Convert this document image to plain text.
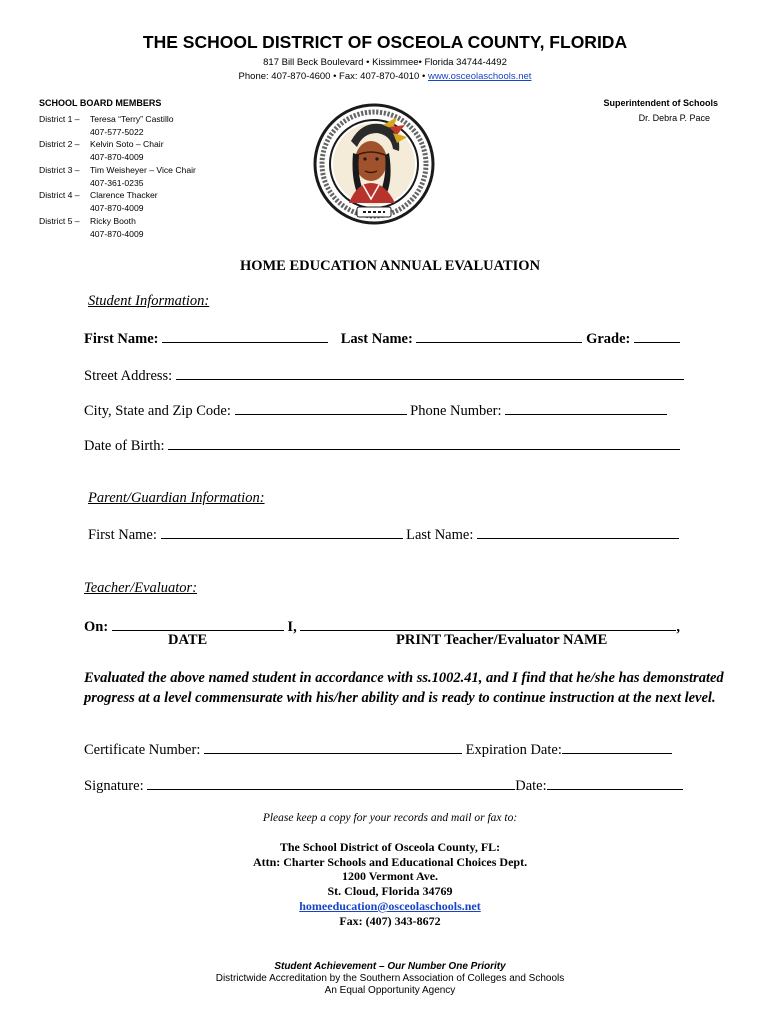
THE SCHOOL DISTRICT OF OSCEOLA COUNTY, FLORIDA
817 Bill Beck Boulevard • Kissimmee• Florida 34744-4492
Phone: 407-870-4600 • Fax: 407-870-4010 • www.osceolaschools.net
SCHOOL BOARD MEMBERS
District 1 – Teresa “Terry” Castillo
407-577-5022
District 2 – Kelvin Soto – Chair
407-870-4009
District 3 – Tim Weisheyer – Vice Chair
407-361-0235
District 4 – Clarence Thacker
407-870-4009
District 5 – Ricky Booth
407-870-4009
Superintendent of Schools
Dr. Debra P. Pace
HOME EDUCATION ANNUAL EVALUATION
Student Information:
First Name:	Last Name:	Grade:
Street Address:
City, State and Zip Code:	Phone Number:
Date of Birth:
Parent/Guardian Information:
First Name:	Last Name:
Teacher/Evaluator:
On:	I,	,
DATE	PRINT Teacher/Evaluator NAME
Evaluated the above named student in accordance with ss.1002.41, and I find that he/she has demonstrated progress at a level commensurate with his/her ability and is ready to continue instruction at the next level.
Certificate Number:	Expiration Date:
Signature:	Date:
Please keep a copy for your records and mail or fax to:
The School District of Osceola County, FL:
Attn: Charter Schools and Educational Choices Dept.
1200 Vermont Ave.
St. Cloud, Florida 34769
homeeducation@osceolaschools.net
Fax: (407) 343-8672
Student Achievement – Our Number One Priority
Districtwide Accreditation by the Southern Association of Colleges and Schools
An Equal Opportunity Agency
